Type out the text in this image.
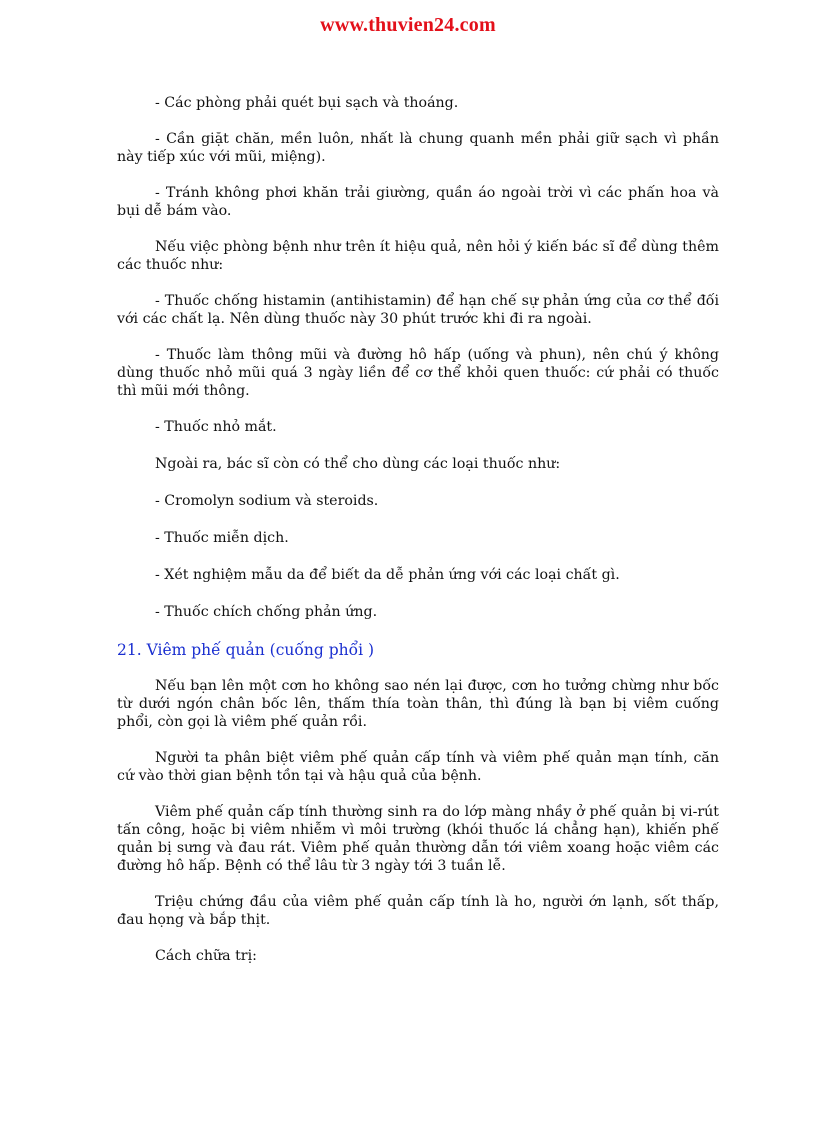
www.thuvien24.com

- Các phòng phải quét bụi sạch và thoáng.

- Cần giặt chăn, mền luôn, nhất là chung quanh mền phải giữ sạch vì phần này tiếp xúc với mũi, miệng).

- Tránh không phơi khăn trải giường, quần áo ngoài trời vì các phấn hoa và bụi dễ bám vào.

Nếu việc phòng bệnh như trên ít hiệu quả, nên hỏi ý kiến bác sĩ để dùng thêm các thuốc như:

- Thuốc chống histamin (antihistamin) để hạn chế sự phản ứng của cơ thể đối với các chất lạ. Nên dùng thuốc này 30 phút trước khi đi ra ngoài.

- Thuốc làm thông mũi và đường hô hấp (uống và phun), nên chú ý không dùng thuốc nhỏ mũi quá 3 ngày liền để cơ thể khỏi quen thuốc: cứ phải có thuốc thì mũi mới thông.

- Thuốc nhỏ mắt.

Ngoài ra, bác sĩ còn có thể cho dùng các loại thuốc như:

- Cromolyn sodium và steroids.

- Thuốc miễn dịch.

- Xét nghiệm mẫu da để biết da dễ phản ứng với các loại chất gì.

- Thuốc chích chống phản ứng.

21. Viêm phế quản (cuống phổi )

Nếu bạn lên một cơn ho không sao nén lại được, cơn ho tưởng chừng như bốc từ dưới ngón chân bốc lên, thấm thía toàn thân, thì đúng là bạn bị viêm cuống phổi, còn gọi là viêm phế quản rồi.

Người ta phân biệt viêm phế quản cấp tính và viêm phế quản mạn tính, căn cứ vào thời gian bệnh tồn tại và hậu quả của bệnh.

Viêm phế quản cấp tính thường sinh ra do lớp màng nhầy ở phế quản bị vi-rút tấn công, hoặc bị viêm nhiễm vì môi trường (khói thuốc lá chẳng hạn), khiến phế quản bị sưng và đau rát. Viêm phế quản thường dẫn tới viêm xoang hoặc viêm các đường hô hấp. Bệnh có thể lâu từ 3 ngày tới 3 tuần lễ.

Triệu chứng đầu của viêm phế quản cấp tính là ho, người ớn lạnh, sốt thấp, đau họng và bắp thịt.

Cách chữa trị:
